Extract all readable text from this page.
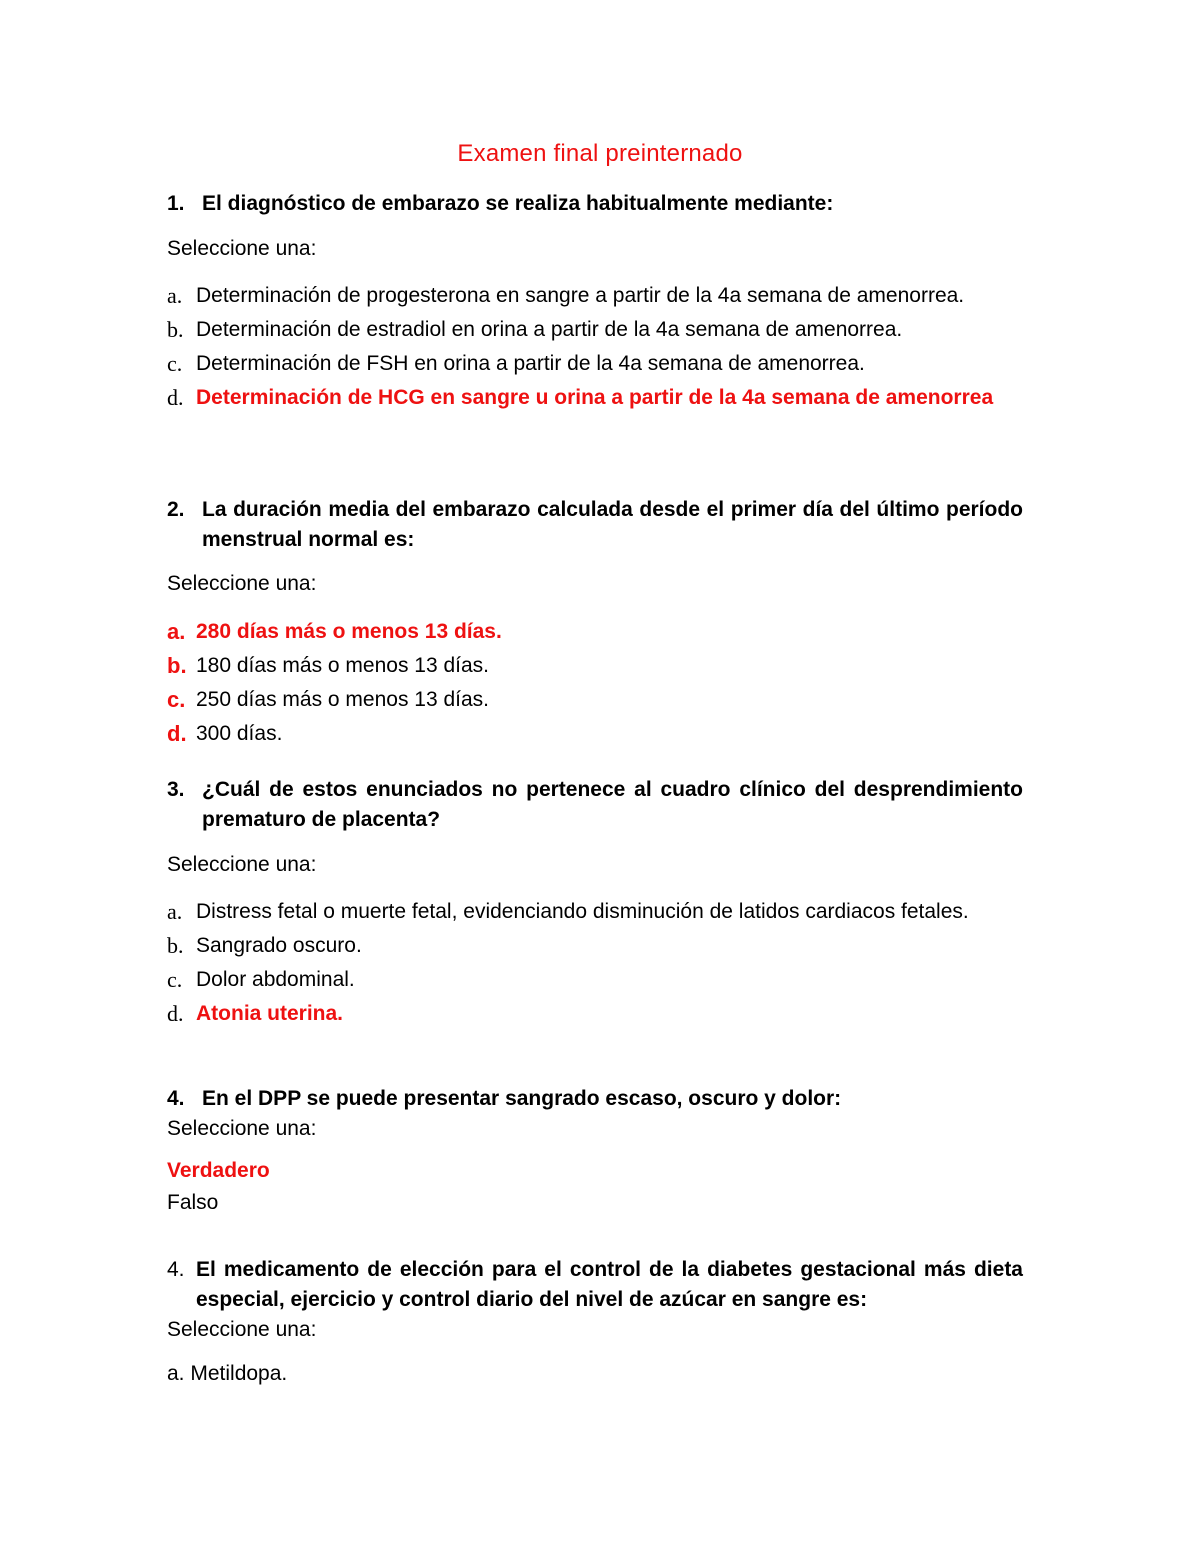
Examen final preinternado
1. El diagnóstico de embarazo se realiza habitualmente mediante:
Seleccione una:
a. Determinación de progesterona en sangre a partir de la 4a semana de amenorrea.
b. Determinación de estradiol en orina a partir de la 4a semana de amenorrea.
c. Determinación de FSH en orina a partir de la 4a semana de amenorrea.
d. Determinación de HCG en sangre u orina a partir de la 4a semana de amenorrea
2. La duración media del embarazo calculada desde el primer día del último período menstrual normal es:
Seleccione una:
a. 280 días más o menos 13 días.
b. 180 días más o menos 13 días.
c. 250 días más o menos 13 días.
d. 300 días.
3. ¿Cuál de estos enunciados no pertenece al cuadro clínico del desprendimiento prematuro de placenta?
Seleccione una:
a. Distress fetal o muerte fetal, evidenciando disminución de latidos cardiacos fetales.
b. Sangrado oscuro.
c. Dolor abdominal.
d. Atonia uterina.
4. En el DPP se puede presentar sangrado escaso, oscuro y dolor:
Seleccione una:
Verdadero
Falso
4. El medicamento de elección para el control de la diabetes gestacional más dieta especial, ejercicio y control diario del nivel de azúcar en sangre es:
Seleccione una:
a. Metildopa.
